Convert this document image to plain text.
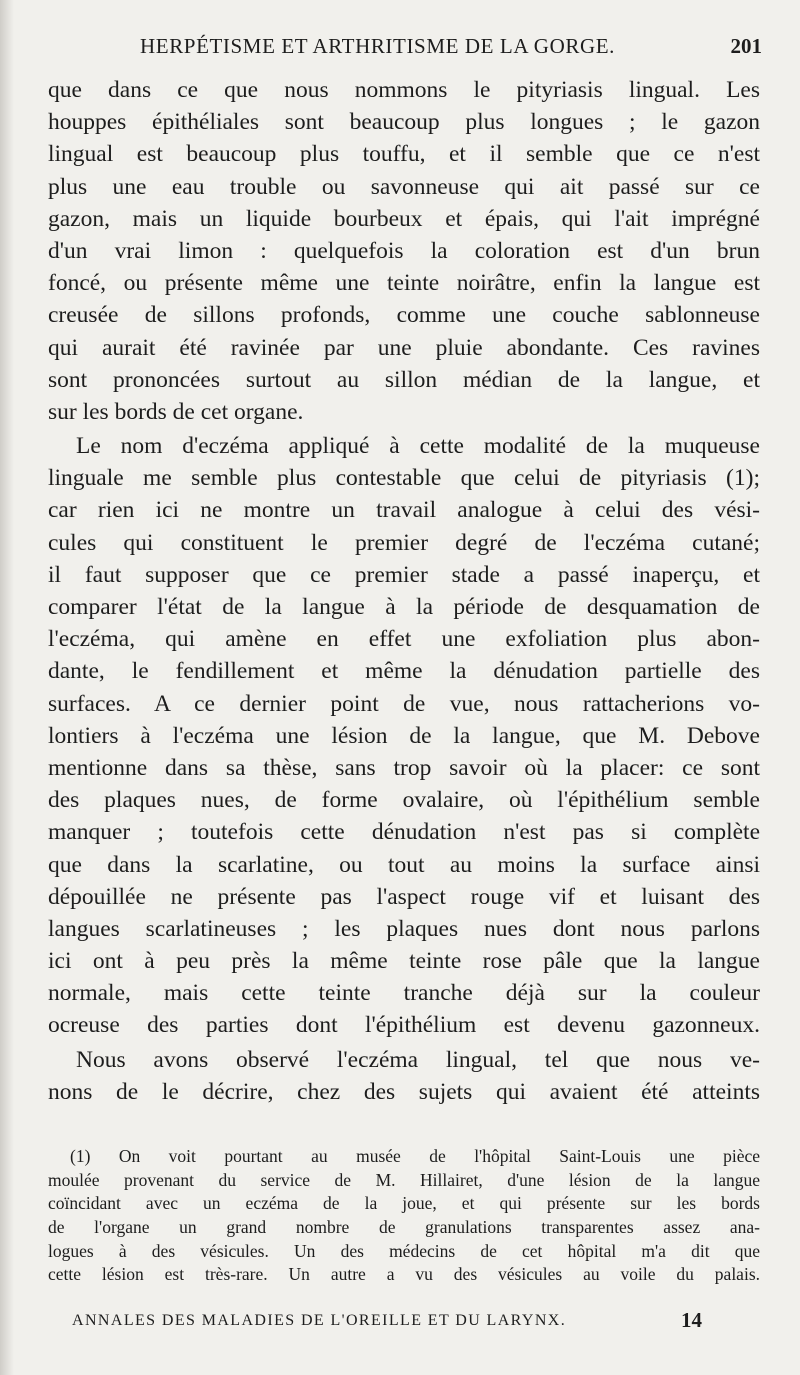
HERPÉTISME ET ARTHRITISME DE LA GORGE.	201
que dans ce que nous nommons le pityriasis lingual. Les
houppes épithéliales sont beaucoup plus longues ; le gazon
lingual est beaucoup plus touffu, et il semble que ce n'est
plus une eau trouble ou savonneuse qui ait passé sur ce
gazon, mais un liquide bourbeux et épais, qui l'ait imprégné
d'un vrai limon : quelquefois la coloration est d'un brun
foncé, ou présente même une teinte noirâtre, enfin la langue est
creusée de sillons profonds, comme une couche sablonneuse
qui aurait été ravinée par une pluie abondante. Ces ravines
sont prononcées surtout au sillon médian de la langue, et
sur les bords de cet organe.
Le nom d'eczéma appliqué à cette modalité de la muqueuse
linguale me semble plus contestable que celui de pityriasis (1);
car rien ici ne montre un travail analogue à celui des vési-
cules qui constituent le premier degré de l'eczéma cutané;
il faut supposer que ce premier stade a passé inaperçu, et
comparer l'état de la langue à la période de desquamation de
l'eczéma, qui amène en effet une exfoliation plus abon-
dante, le fendillement et même la dénudation partielle des
surfaces. A ce dernier point de vue, nous rattacherions vo-
lontiers à l'eczéma une lésion de la langue, que M. Debove
mentionne dans sa thèse, sans trop savoir où la placer: ce sont
des plaques nues, de forme ovalaire, où l'épithélium semble
manquer ; toutefois cette dénudation n'est pas si complète
que dans la scarlatine, ou tout au moins la surface ainsi
dépouillée ne présente pas l'aspect rouge vif et luisant des
langues scarlatineuses ; les plaques nues dont nous parlons
ici ont à peu près la même teinte rose pâle que la langue
normale, mais cette teinte tranche déjà sur la couleur
ocreuse des parties dont l'épithélium est devenu gazonneux.
Nous avons observé l'eczéma lingual, tel que nous ve-
nons de le décrire, chez des sujets qui avaient été atteints
(1) On voit pourtant au musée de l'hôpital Saint-Louis une pièce
moulée provenant du service de M. Hillairet, d'une lésion de la langue
coïncidant avec un eczéma de la joue, et qui présente sur les bords
de l'organe un grand nombre de granulations transparentes assez ana-
logues à des vésicules. Un des médecins de cet hôpital m'a dit que
cette lésion est très-rare. Un autre a vu des vésicules au voile du palais.
ANNALES DES MALADIES DE L'OREILLE ET DU LARYNX.	14
